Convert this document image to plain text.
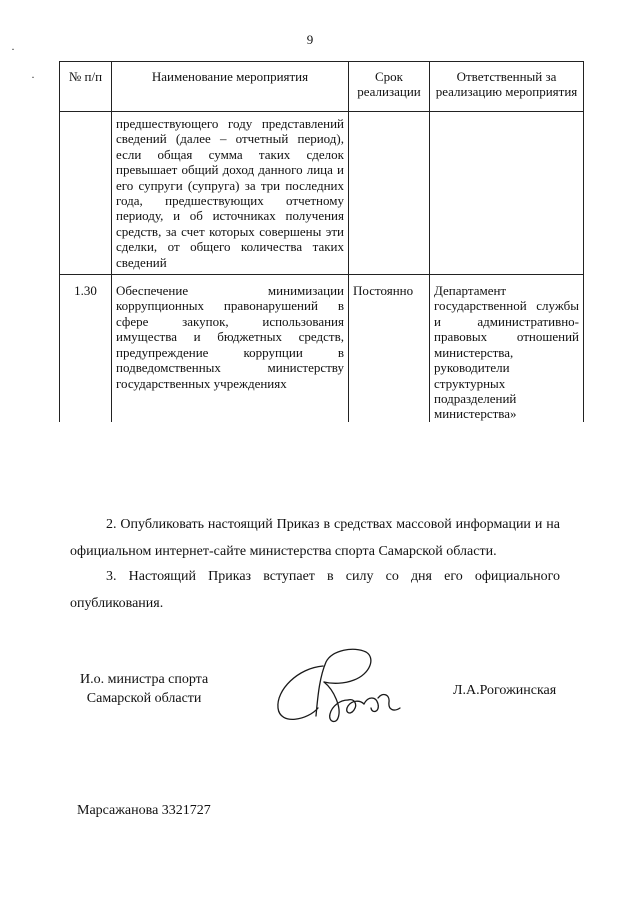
9
·
·	№ п/п	Наименование мероприятия	Срок реализации	Ответственный за реализацию мероприятия
	предшествующего году представлений сведений (далее – отчетный период), если общая сумма таких сделок превышает общий доход данного лица и его супруги (супруга) за три последних года, предшествующих отчетному периоду, и об источниках получения средств, за счет которых совершены эти сделки, от общего количества таких сведений		
1.30	Обеспечение минимизации коррупционных правонарушений в сфере закупок, использования имущества и бюджетных средств, предупреждение коррупции в подведомственных министерству государственных учреждениях	Постоянно	Департамент государственной службы и административно-правовых отношений министерства, руководители структурных подразделений министерства»
2. Опубликовать настоящий Приказ в средствах массовой информации и на официальном интернет-сайте министерства спорта Самарской области.
3. Настоящий Приказ вступает в силу со дня его официального опубликования.
И.о. министра спорта
Самарской области
Л.А.Рогожинская
Марсажанова 3321727
